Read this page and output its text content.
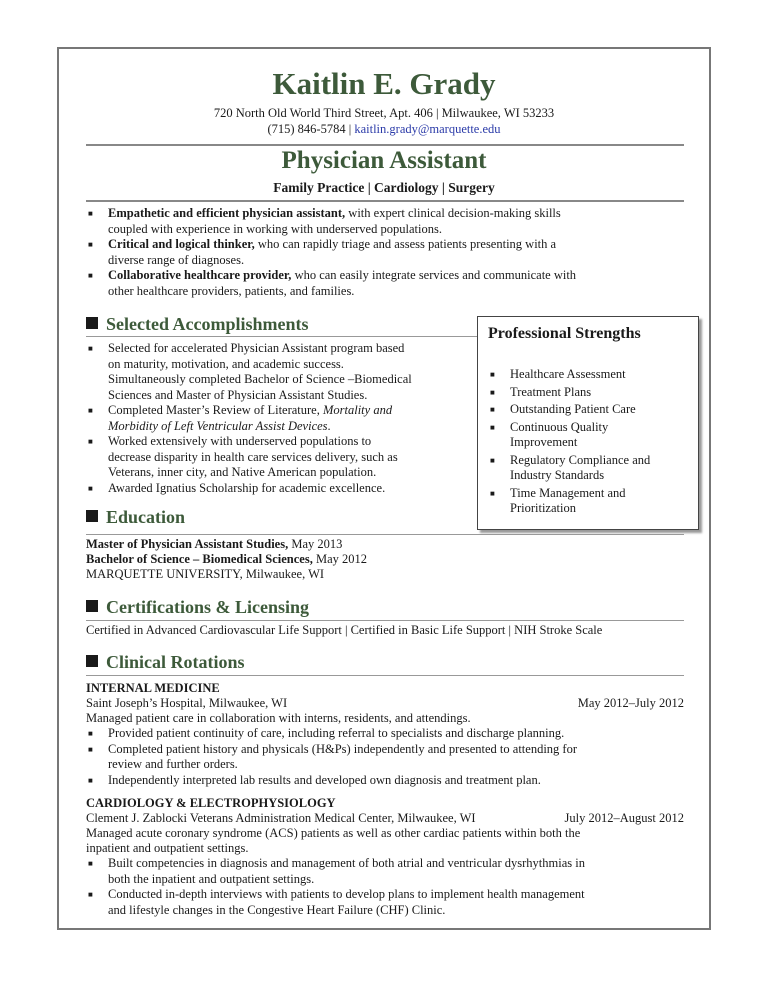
Kaitlin E. Grady
720 North Old World Third Street, Apt. 406 | Milwaukee, WI 53233
(715) 846-5784 | kaitlin.grady@marquette.edu
Physician Assistant
Family Practice | Cardiology | Surgery
■ Empathetic and efficient physician assistant, with expert clinical decision-making skills
coupled with experience in working with underserved populations.
■ Critical and logical thinker, who can rapidly triage and assess patients presenting with a
diverse range of diagnoses.
■ Collaborative healthcare provider, who can easily integrate services and communicate with
other healthcare providers, patients, and families.
Selected Accomplishments
■ Selected for accelerated Physician Assistant program based
on maturity, motivation, and academic success.
Simultaneously completed Bachelor of Science –Biomedical
Sciences and Master of Physician Assistant Studies.
■ Completed Master’s Review of Literature, Mortality and
Morbidity of Left Ventricular Assist Devices.
■ Worked extensively with underserved populations to
decrease disparity in health care services delivery, such as
Veterans, inner city, and Native American population.
■ Awarded Ignatius Scholarship for academic excellence.
Professional Strengths
■ Healthcare Assessment
■ Treatment Plans
■ Outstanding Patient Care
■ Continuous Quality
Improvement
■ Regulatory Compliance and
Industry Standards
■ Time Management and
Prioritization
Education
Master of Physician Assistant Studies, May 2013
Bachelor of Science – Biomedical Sciences, May 2012
MARQUETTE UNIVERSITY, Milwaukee, WI
Certifications & Licensing
Certified in Advanced Cardiovascular Life Support | Certified in Basic Life Support | NIH Stroke Scale
Clinical Rotations
INTERNAL MEDICINE
Saint Joseph’s Hospital, Milwaukee, WI	May 2012–July 2012
Managed patient care in collaboration with interns, residents, and attendings.
■ Provided patient continuity of care, including referral to specialists and discharge planning.
■ Completed patient history and physicals (H&Ps) independently and presented to attending for
review and further orders.
■ Independently interpreted lab results and developed own diagnosis and treatment plan.
CARDIOLOGY & ELECTROPHYSIOLOGY
Clement J. Zablocki Veterans Administration Medical Center, Milwaukee, WI	July 2012–August 2012
Managed acute coronary syndrome (ACS) patients as well as other cardiac patients within both the
inpatient and outpatient settings.
■ Built competencies in diagnosis and management of both atrial and ventricular dysrhythmias in
both the inpatient and outpatient settings.
■ Conducted in-depth interviews with patients to develop plans to implement health management
and lifestyle changes in the Congestive Heart Failure (CHF) Clinic.
